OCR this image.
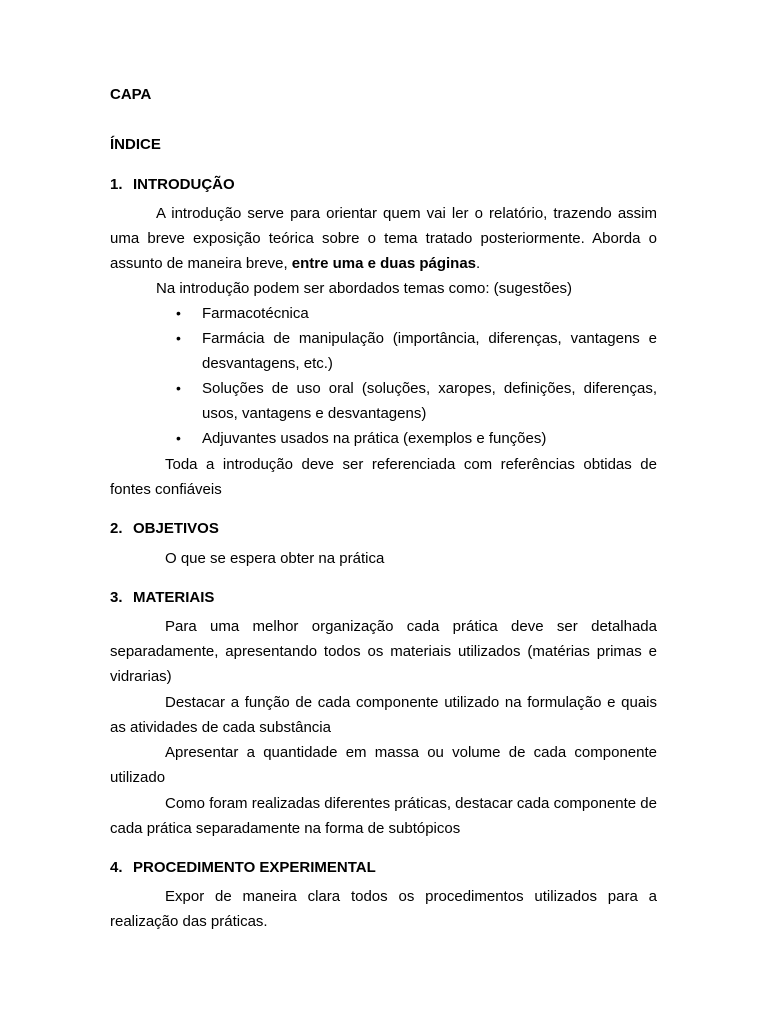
CAPA
ÍNDICE
1. INTRODUÇÃO

A introdução serve para orientar quem vai ler o relatório, trazendo assim uma breve exposição teórica sobre o tema tratado posteriormente. Aborda o assunto de maneira breve, entre uma e duas páginas.

Na introdução podem ser abordados temas como: (sugestões)

• Farmacotécnica
• Farmácia de manipulação (importância, diferenças, vantagens e desvantagens, etc.)
• Soluções de uso oral (soluções, xaropes, definições, diferenças, usos, vantagens e desvantagens)
• Adjuvantes usados na prática (exemplos e funções)

Toda a introdução deve ser referenciada com referências obtidas de fontes confiáveis

2. OBJETIVOS

O que se espera obter na prática

3. MATERIAIS

Para uma melhor organização cada prática deve ser detalhada separadamente, apresentando todos os materiais utilizados (matérias primas e vidrarias)

Destacar a função de cada componente utilizado na formulação e quais as atividades de cada substância

Apresentar a quantidade em massa ou volume de cada componente utilizado

Como foram realizadas diferentes práticas, destacar cada componente de cada prática separadamente na forma de subtópicos

4. PROCEDIMENTO EXPERIMENTAL

Expor de maneira clara todos os procedimentos utilizados para a realização das práticas.
